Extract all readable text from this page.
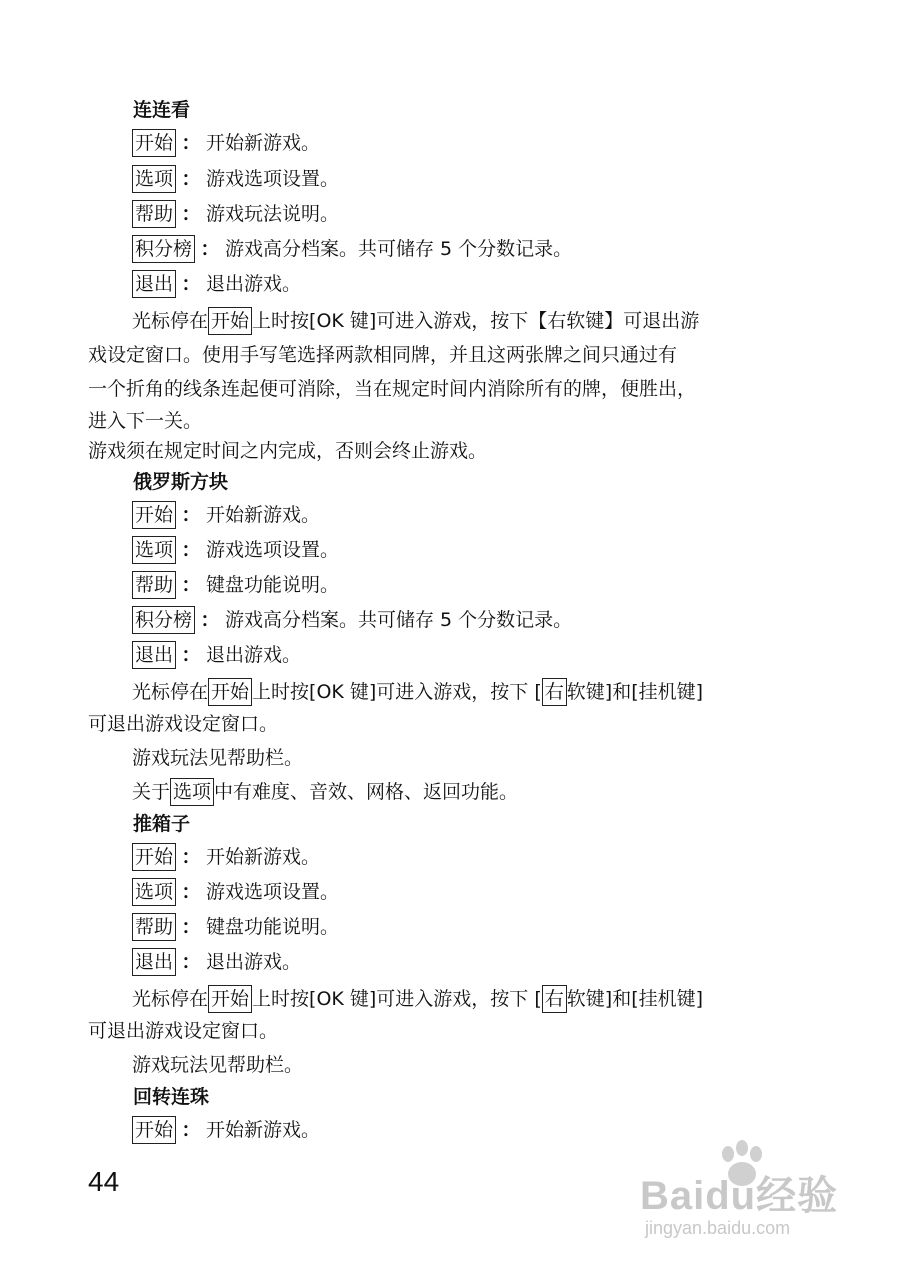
连连看
开始 ： 开始新游戏。
选项 ： 游戏选项设置。
帮助 ： 游戏玩法说明。
积分榜 ： 游戏高分档案。共可储存 5 个分数记录。
退出 ： 退出游戏。
光标停在 开始 上时按[OK 键]可进入游戏，按下【右软键】可退出游
戏设定窗口。使用手写笔选择两款相同牌，并且这两张牌之间只通过有
一个折角的线条连起便可消除，当在规定时间内消除所有的牌，便胜出，
进入下一关。
游戏须在规定时间之内完成，否则会终止游戏。
俄罗斯方块
开始 ： 开始新游戏。
选项 ： 游戏选项设置。
帮助 ： 键盘功能说明。
积分榜 ： 游戏高分档案。共可储存 5 个分数记录。
退出 ： 退出游戏。
光标停在 开始 上时按[OK 键]可进入游戏，按下 [ 右 软键]和[挂机键]
可退出游戏设定窗口。
游戏玩法见帮助栏。
关于 选项 中有难度、音效、网格、返回功能。
推箱子
开始 ： 开始新游戏。
选项 ： 游戏选项设置。
帮助 ： 键盘功能说明。
退出 ： 退出游戏。
光标停在 开始 上时按[OK 键]可进入游戏，按下 [ 右 软键]和[挂机键]
可退出游戏设定窗口。
游戏玩法见帮助栏。
回转连珠
开始 ： 开始新游戏。
44	Baidu经验
jingyan.baidu.com
